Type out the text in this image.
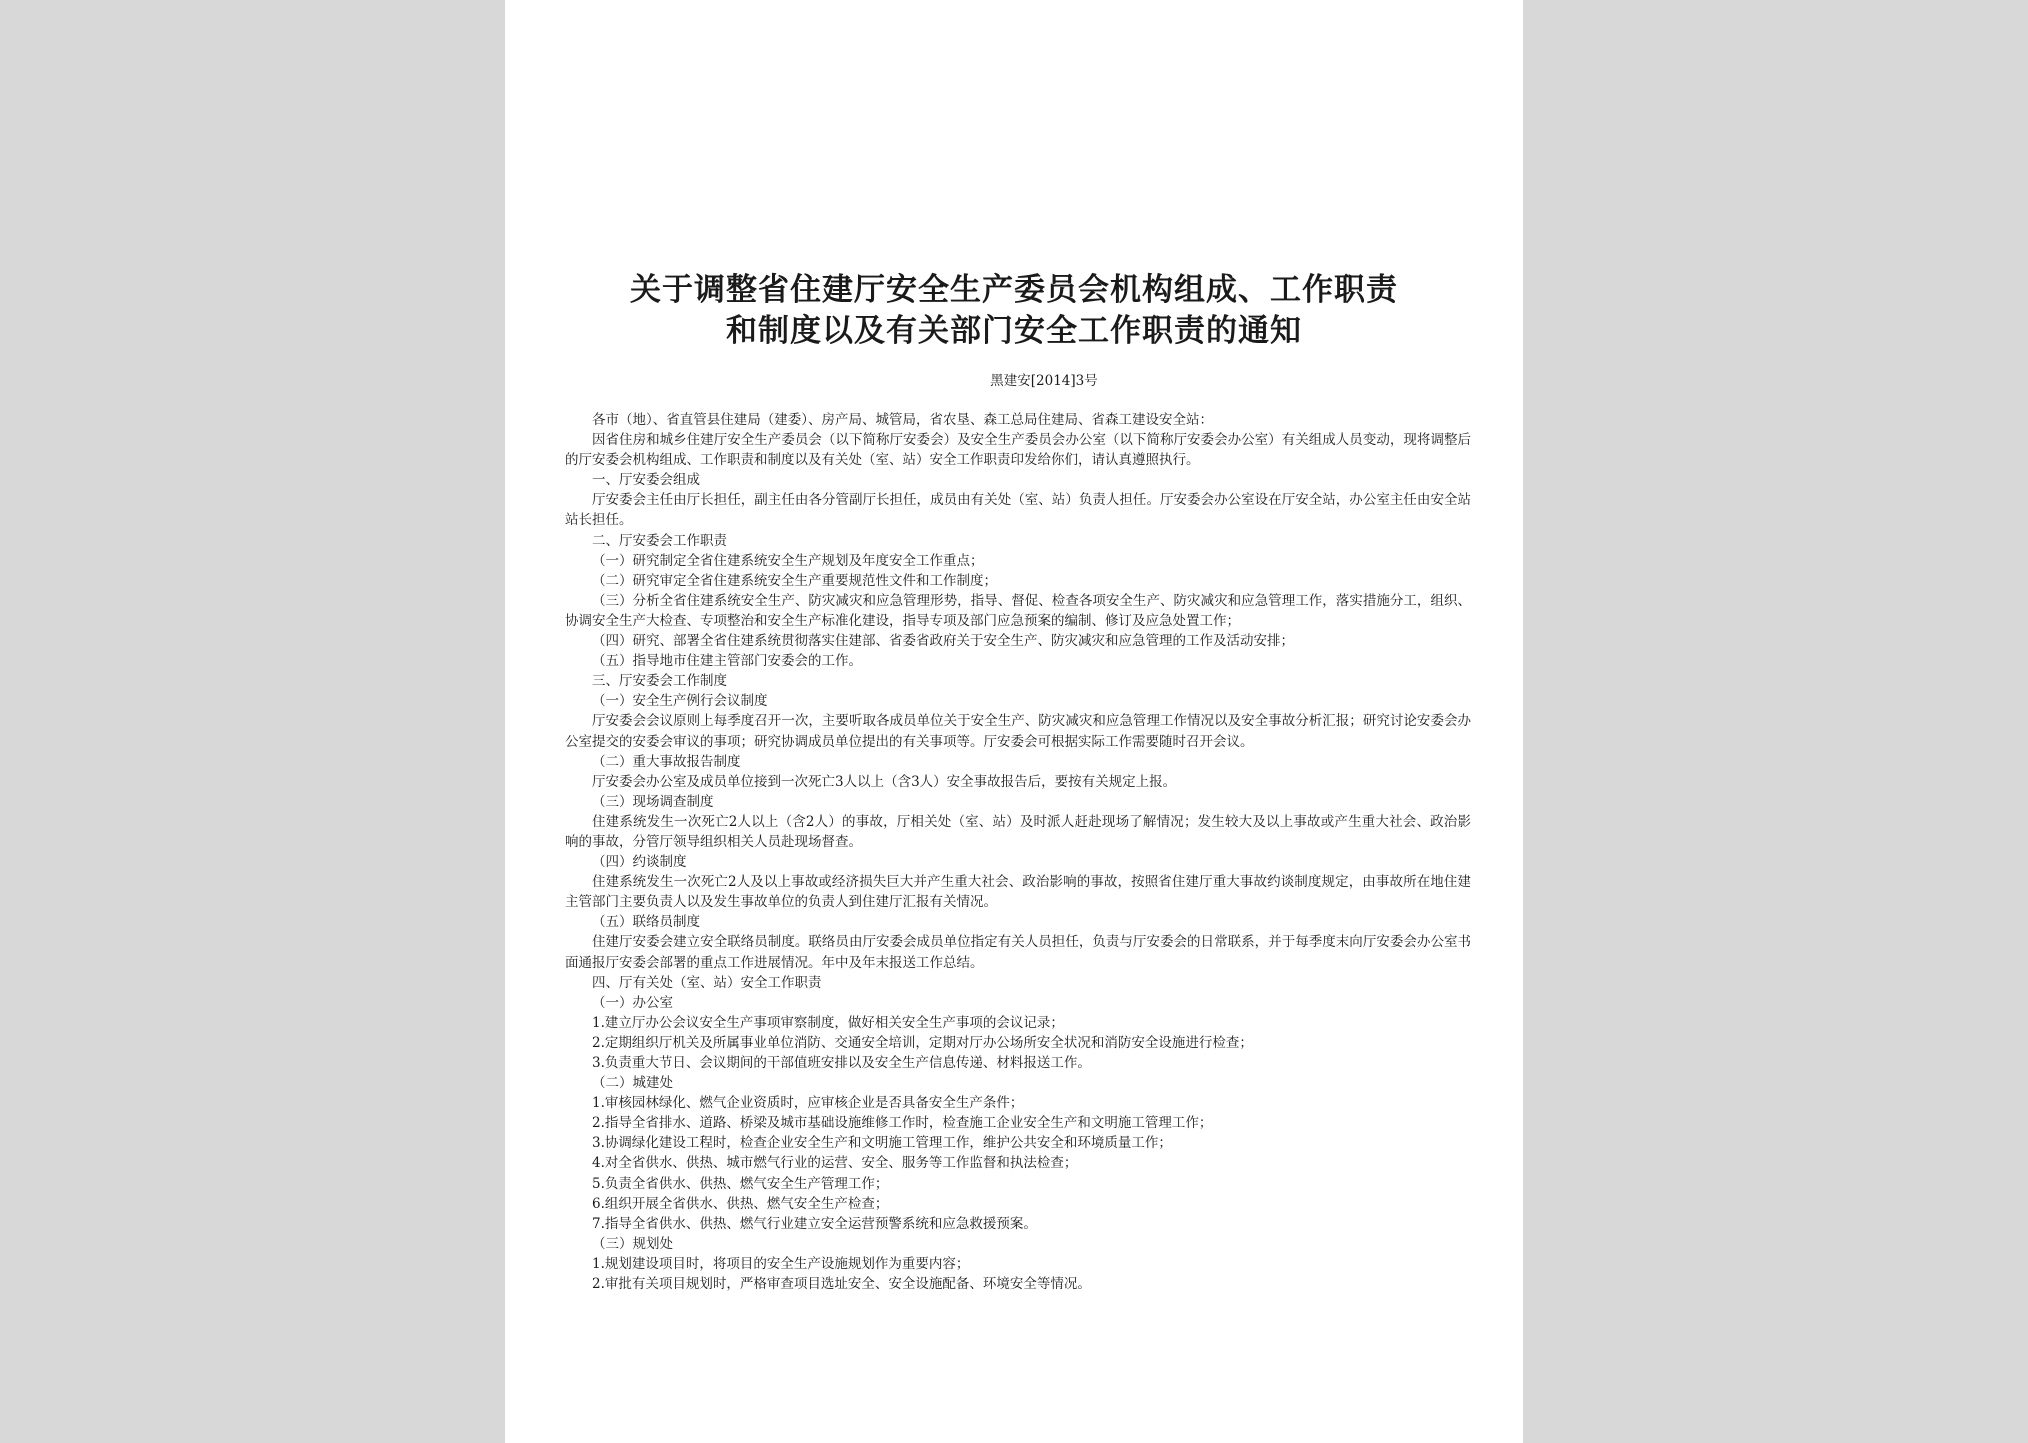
关于调整省住建厅安全生产委员会机构组成、工作职责
和制度以及有关部门安全工作职责的通知
黑建安[2014]3号

各市（地）、省直管县住建局（建委）、房产局、城管局，省农垦、森工总局住建局、省森工建设安全站：

因省住房和城乡住建厅安全生产委员会（以下简称厅安委会）及安全生产委员会办公室（以下简称厅安委会办公室）有关组成人员变动，现将调整后的厅安委会机构组成、工作职责和制度以及有关处（室、站）安全工作职责印发给你们，请认真遵照执行。

一、厅安委会组成

厅安委会主任由厅长担任，副主任由各分管副厅长担任，成员由有关处（室、站）负责人担任。厅安委会办公室设在厅安全站，办公室主任由安全站站长担任。

二、厅安委会工作职责

（一）研究制定全省住建系统安全生产规划及年度安全工作重点；

（二）研究审定全省住建系统安全生产重要规范性文件和工作制度；

（三）分析全省住建系统安全生产、防灾减灾和应急管理形势，指导、督促、检查各项安全生产、防灾减灾和应急管理工作，落实措施分工，组织、协调安全生产大检查、专项整治和安全生产标准化建设，指导专项及部门应急预案的编制、修订及应急处置工作；

（四）研究、部署全省住建系统贯彻落实住建部、省委省政府关于安全生产、防灾减灾和应急管理的工作及活动安排；

（五）指导地市住建主管部门安委会的工作。

三、厅安委会工作制度

（一）安全生产例行会议制度

厅安委会会议原则上每季度召开一次，主要听取各成员单位关于安全生产、防灾减灾和应急管理工作情况以及安全事故分析汇报；研究讨论安委会办公室提交的安委会审议的事项；研究协调成员单位提出的有关事项等。厅安委会可根据实际工作需要随时召开会议。

（二）重大事故报告制度

厅安委会办公室及成员单位接到一次死亡3人以上（含3人）安全事故报告后，要按有关规定上报。

（三）现场调查制度

住建系统发生一次死亡2人以上（含2人）的事故，厅相关处（室、站）及时派人赶赴现场了解情况；发生较大及以上事故或产生重大社会、政治影响的事故，分管厅领导组织相关人员赴现场督查。

（四）约谈制度

住建系统发生一次死亡2人及以上事故或经济损失巨大并产生重大社会、政治影响的事故，按照省住建厅重大事故约谈制度规定，由事故所在地住建主管部门主要负责人以及发生事故单位的负责人到住建厅汇报有关情况。

（五）联络员制度

住建厅安委会建立安全联络员制度。联络员由厅安委会成员单位指定有关人员担任，负责与厅安委会的日常联系，并于每季度末向厅安委会办公室书面通报厅安委会部署的重点工作进展情况。年中及年末报送工作总结。

四、厅有关处（室、站）安全工作职责

（一）办公室

1.建立厅办公会议安全生产事项审察制度，做好相关安全生产事项的会议记录；

2.定期组织厅机关及所属事业单位消防、交通安全培训，定期对厅办公场所安全状况和消防安全设施进行检查；

3.负责重大节日、会议期间的干部值班安排以及安全生产信息传递、材料报送工作。

（二）城建处

1.审核园林绿化、燃气企业资质时，应审核企业是否具备安全生产条件；

2.指导全省排水、道路、桥梁及城市基础设施维修工作时，检查施工企业安全生产和文明施工管理工作；

3.协调绿化建设工程时，检查企业安全生产和文明施工管理工作，维护公共安全和环境质量工作；

4.对全省供水、供热、城市燃气行业的运营、安全、服务等工作监督和执法检查；

5.负责全省供水、供热、燃气安全生产管理工作；

6.组织开展全省供水、供热、燃气安全生产检查；

7.指导全省供水、供热、燃气行业建立安全运营预警系统和应急救援预案。

（三）规划处

1.规划建设项目时，将项目的安全生产设施规划作为重要内容；

2.审批有关项目规划时，严格审查项目选址安全、安全设施配备、环境安全等情况。
